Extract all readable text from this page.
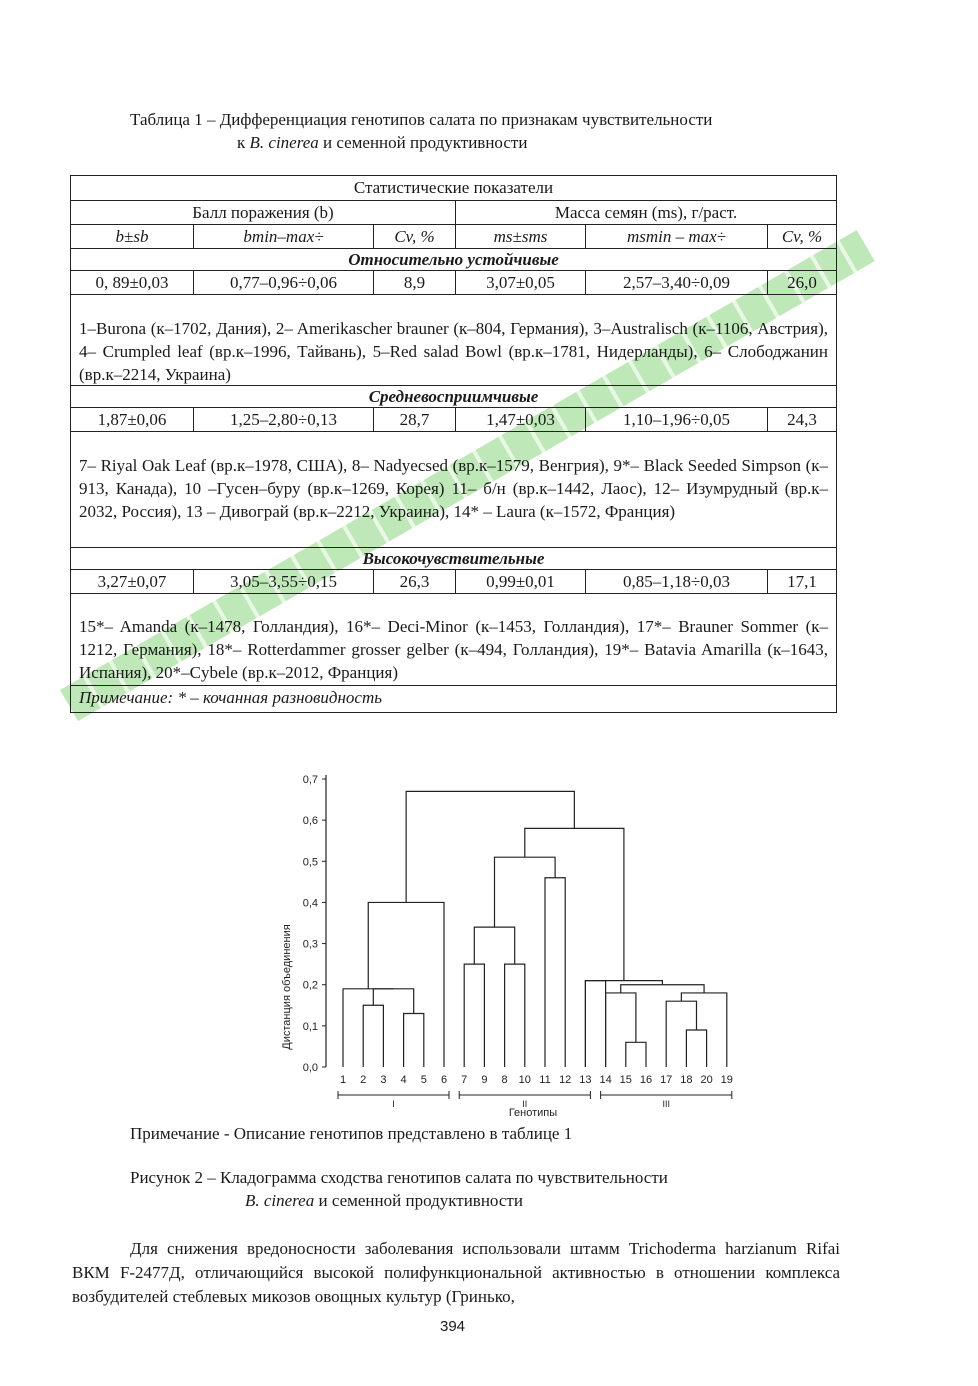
Таблица 1 – Дифференциация генотипов салата по признакам чувствительности
к B. cinerea и семенной продуктивности
Статистические показатели
Балл поражения (b)	Масса семян (ms), г/раст.
b±sb	bmin–max÷	Cv, %	ms±sms	msmin – max÷	Cv, %
Относительно устойчивые
0, 89±0,03	0,77–0,96÷0,06	8,9	3,07±0,05	2,57–3,40÷0,09	26,0
1–Burona (к–1702, Дания), 2– Amerikascher brauner (к–804, Германия), 3–Australisch (к–1106, Австрия), 4– Crumpled leaf (вр.к–1996, Тайвань), 5–Red salad Bowl (вр.к–1781, Нидерланды), 6– Слободжанин (вр.к–2214, Украина)
Средневосприимчивые
1,87±0,06	1,25–2,80÷0,13	28,7	1,47±0,03	1,10–1,96÷0,05	24,3
7– Riyal Oak Leaf (вр.к–1978, США), 8– Nadyecsed (вр.к–1579, Венгрия), 9*– Black Seeded Simpson (к–913, Канада), 10 –Гусен–буру (вр.к–1269, Корея) 11– б/н (вр.к–1442, Лаос), 12– Изумрудный (вр.к–2032, Россия), 13 – Дивограй (вр.к–2212, Украина), 14* – Laura (к–1572, Франция)
Высокочувствительные
3,27±0,07	3,05–3,55÷0,15	26,3	0,99±0,01	0,85–1,18÷0,03	17,1
15*– Amanda (к–1478, Голландия), 16*– Deci-Minor (к–1453, Голландия), 17*– Brauner Sommer (к–1212, Германия), 18*– Rotterdammer grosser gelber (к–494, Голландия), 19*– Batavia Amarilla (к–1643, Испания), 20*–Cybele (вр.к–2012, Франция)
Примечание: * – кочанная разновидность
0,0
0,1
0,2
0,3
0,4
0,5
0,6
0,7
1 2 3 4 5 6 7 9 8 10 11 12 13 14 15 16 17 18 20 19
I	II	III
Дистанция объединения
Генотипы
Примечание - Описание генотипов представлено в таблице 1
Рисунок 2 – Кладограмма сходства генотипов салата по чувствительности
B. cinerea и семенной продуктивности
Для снижения вредоносности заболевания использовали штамм Trichoderma harzianum Rifai ВКМ F-2477Д, отличающийся высокой полифункциональной активностью в отношении комплекса возбудителей стеблевых микозов овощных культур (Гринько,
394
